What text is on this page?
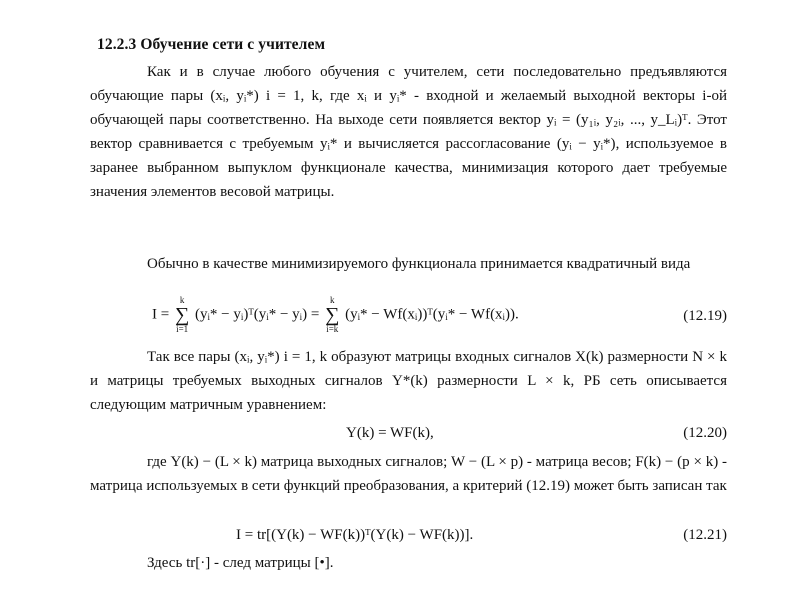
12.2.3 Обучение сети с учителем
Как и в случае любого обучения с учителем, сети последовательно предъявляются обучающие пары (xᵢ, yᵢ*) i = 1, k, где xᵢ и yᵢ* - входной и желаемый выходной векторы i-ой обучающей пары соответственно. На выходе сети появляется вектор yᵢ = (y₁ᵢ, y₂ᵢ, ..., y_Lᵢ)ᵀ. Этот вектор сравнивается с требуемым yᵢ* и вычисляется рассогласование (yᵢ − yᵢ*), используемое в заранее выбранном выпуклом функционале качества, минимизация которого дает требуемые значения элементов весовой матрицы.
Обычно в качестве минимизируемого функционала принимается квадратичный вида
I =
k
∑
i=1
(yᵢ* − yᵢ)ᵀ(yᵢ* − yᵢ) =
k
∑
i=k
(yᵢ* − Wf(xᵢ))ᵀ(yᵢ* − Wf(xᵢ)).	(12.19)
Так все пары (xᵢ, yᵢ*) i = 1, k образуют матрицы входных сигналов X(k) размерности N × k и матрицы требуемых выходных сигналов Y*(k) размерности L × k, РБ сеть описывается следующим матричным уравнением:
Y(k) = WF(k),	(12.20)
где Y(k) − (L × k) матрица выходных сигналов; W − (L × p) - матрица весов; F(k) − (p × k) - матрица используемых в сети функций преобразования, а критерий (12.19) может быть записан так
I = tr[(Y(k) − WF(k))ᵀ(Y(k) − WF(k))].	(12.21)
Здесь tr[·] - след матрицы [•].
